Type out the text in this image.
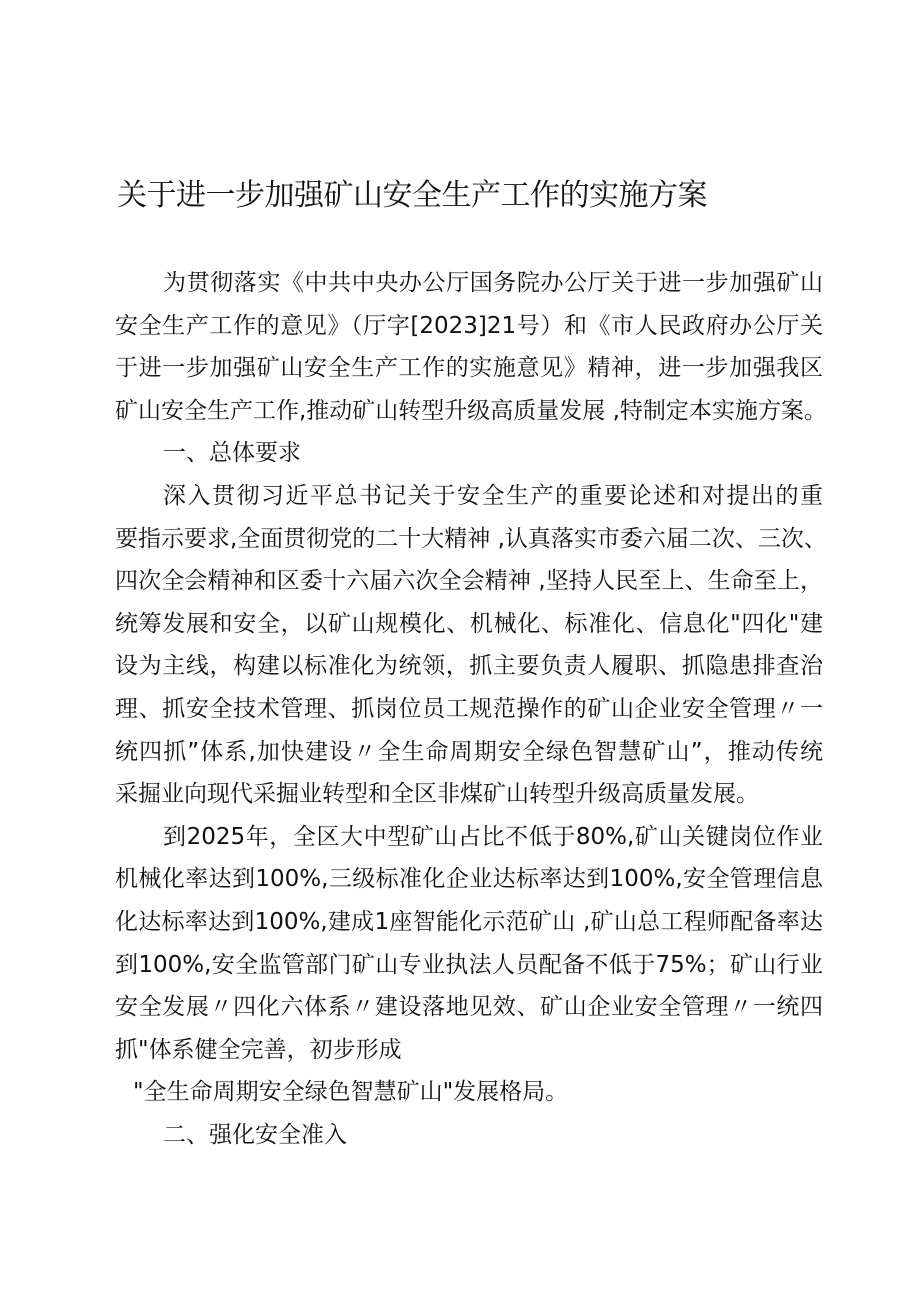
关于进一步加强矿山安全生产工作的实施方案
为贯彻落实《中共中央办公厅国务院办公厅关于进一步加强矿山
安全生产工作的意见》（厅字[2023]21号）和《市人民政府办公厅关
于进一步加强矿山安全生产工作的实施意见》精神，进一步加强我区
矿山安全生产工作,推动矿山转型升级高质量发展 ,特制定本实施方案。
一、总体要求
深入贯彻习近平总书记关于安全生产的重要论述和对提出的重
要指示要求,全面贯彻党的二十大精神 ,认真落实市委六届二次、三次、
四次全会精神和区委十六届六次全会精神 ,坚持人民至上、生命至上，
统筹发展和安全，以矿山规模化、机械化、标准化、信息化"四化"建
设为主线，构建以标准化为统领，抓主要负责人履职、抓隐患排查治
理、抓安全技术管理、抓岗位员工规范操作的矿山企业安全管理〃一
统四抓”体系,加快建设〃全生命周期安全绿色智慧矿山”，推动传统
采掘业向现代采掘业转型和全区非煤矿山转型升级高质量发展。
到2025年，全区大中型矿山占比不低于80%,矿山关键岗位作业
机械化率达到100%,三级标准化企业达标率达到100%,安全管理信息
化达标率达到100%,建成1座智能化示范矿山 ,矿山总工程师配备率达
到100%,安全监管部门矿山专业执法人员配备不低于75%；矿山行业
安全发展〃四化六体系〃建设落地见效、矿山企业安全管理〃一统四
抓"体系健全完善，初步形成
"全生命周期安全绿色智慧矿山"发展格局。
二、强化安全准入
